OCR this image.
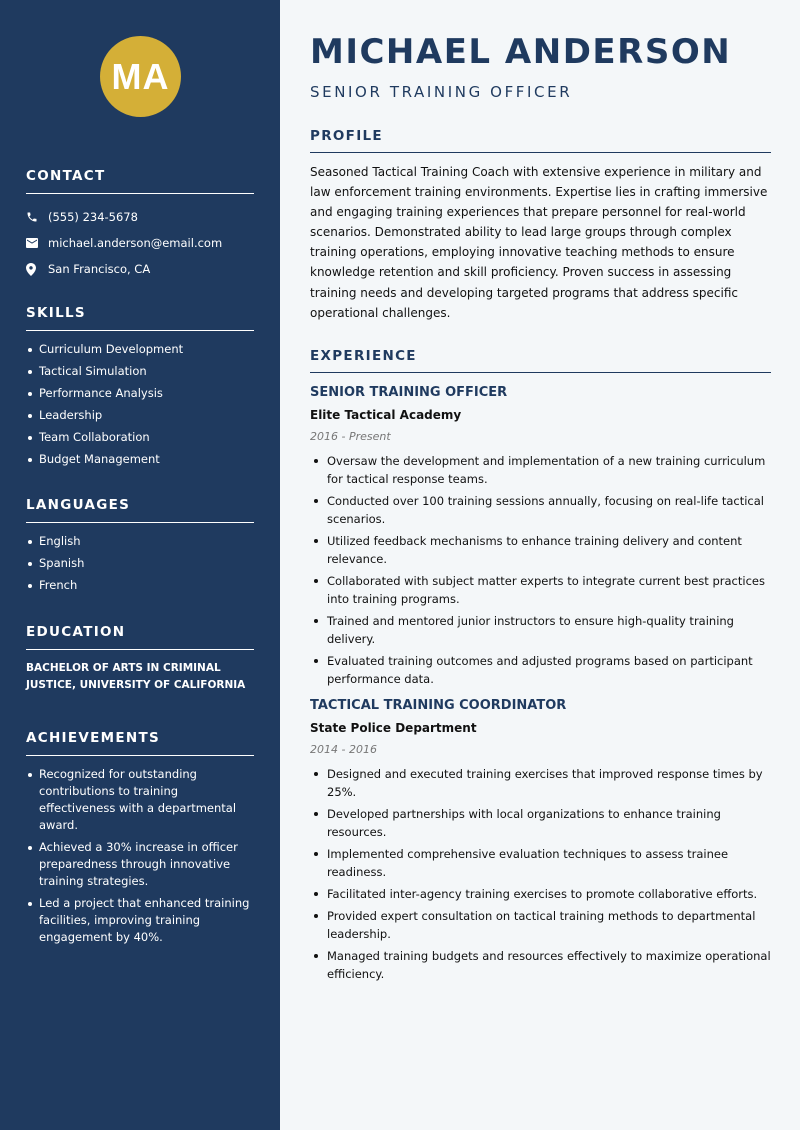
MA
CONTACT
(555) 234-5678
michael.anderson@email.com
San Francisco, CA
SKILLS
Curriculum Development
Tactical Simulation
Performance Analysis
Leadership
Team Collaboration
Budget Management
LANGUAGES
English
Spanish
French
EDUCATION
BACHELOR OF ARTS IN CRIMINAL JUSTICE, UNIVERSITY OF CALIFORNIA
ACHIEVEMENTS
Recognized for outstanding contributions to training effectiveness with a departmental award.
Achieved a 30% increase in officer preparedness through innovative training strategies.
Led a project that enhanced training facilities, improving training engagement by 40%.
MICHAEL ANDERSON
SENIOR TRAINING OFFICER
PROFILE

Seasoned Tactical Training Coach with extensive experience in military and law enforcement training environments. Expertise lies in crafting immersive and engaging training experiences that prepare personnel for real-world scenarios. Demonstrated ability to lead large groups through complex training operations, employing innovative teaching methods to ensure knowledge retention and skill proficiency. Proven success in assessing training needs and developing targeted programs that address specific operational challenges.

EXPERIENCE
SENIOR TRAINING OFFICER
Elite Tactical Academy
2016 - Present
Oversaw the development and implementation of a new training curriculum for tactical response teams.
Conducted over 100 training sessions annually, focusing on real-life tactical scenarios.
Utilized feedback mechanisms to enhance training delivery and content relevance.
Collaborated with subject matter experts to integrate current best practices into training programs.
Trained and mentored junior instructors to ensure high-quality training delivery.
Evaluated training outcomes and adjusted programs based on participant performance data.
TACTICAL TRAINING COORDINATOR
State Police Department
2014 - 2016
Designed and executed training exercises that improved response times by 25%.
Developed partnerships with local organizations to enhance training resources.
Implemented comprehensive evaluation techniques to assess trainee readiness.
Facilitated inter-agency training exercises to promote collaborative efforts.
Provided expert consultation on tactical training methods to departmental leadership.
Managed training budgets and resources effectively to maximize operational efficiency.
